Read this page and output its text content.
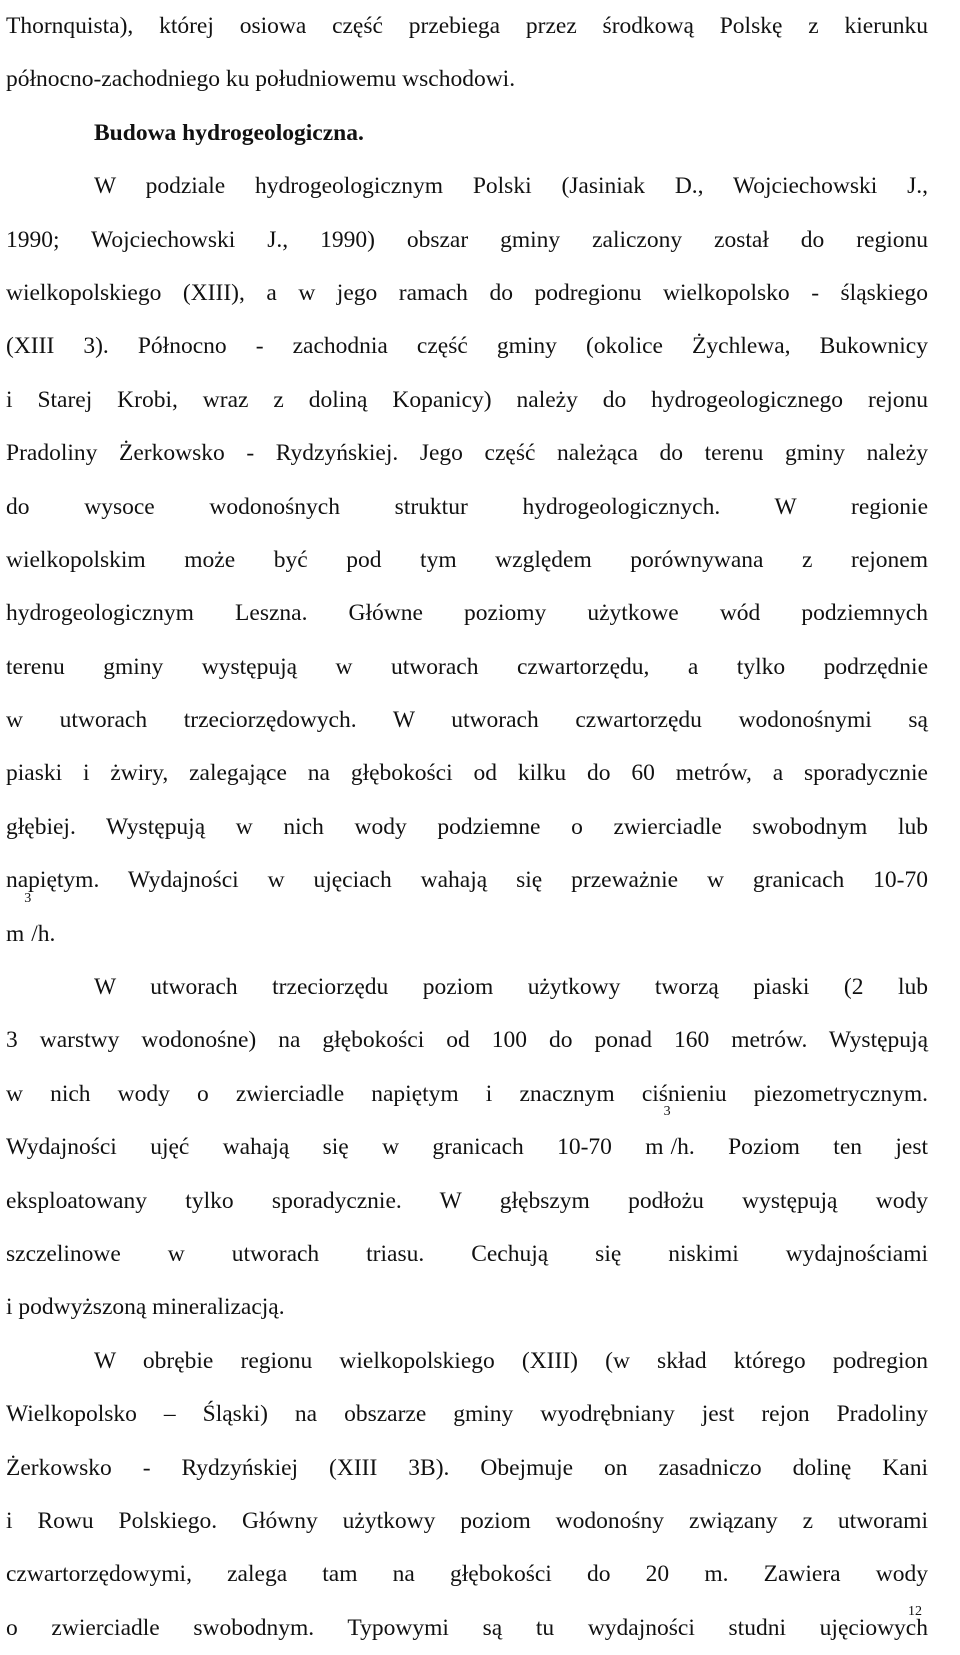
Thornquista), której osiowa część przebiega przez środkową Polskę z kierunku
północno-zachodniego ku południowemu wschodowi.
Budowa hydrogeologiczna.
W podziale hydrogeologicznym Polski (Jasiniak D., Wojciechowski J.,
1990; Wojciechowski J., 1990) obszar gminy zaliczony został do regionu
wielkopolskiego (XIII), a w jego ramach do podregionu wielkopolsko - śląskiego
(XIII 3). Północno - zachodnia część gminy (okolice Żychlewa, Bukownicy
i Starej Krobi, wraz z doliną Kopanicy) należy do hydrogeologicznego rejonu
Pradoliny Żerkowsko - Rydzyńskiej. Jego część należąca do terenu gminy należy
do wysoce wodonośnych struktur hydrogeologicznych. W regionie
wielkopolskim może być pod tym względem porównywana z rejonem
hydrogeologicznym Leszna. Główne poziomy użytkowe wód podziemnych
terenu gminy występują w utworach czwartorzędu, a tylko podrzędnie
w utworach trzeciorzędowych. W utworach czwartorzędu wodonośnymi są
piaski i żwiry, zalegające na głębokości od kilku do 60 metrów, a sporadycznie
głębiej. Występują w nich wody podziemne o zwierciadle swobodnym lub
napiętym. Wydajności w ujęciach wahają się przeważnie w granicach 10-70
$m^3/h$.
W utworach trzeciorzędu poziom użytkowy tworzą piaski (2 lub
3 warstwy wodonośne) na głębokości od 100 do ponad 160 metrów. Występują
w nich wody o zwierciadle napiętym i znacznym ciśnieniu piezometrycznym.
Wydajności ujęć wahają się w granicach 10-70 $m^3/h$. Poziom ten jest
eksploatowany tylko sporadycznie. W głębszym podłożu występują wody
szczelinowe w utworach triasu. Cechują się niskimi wydajnościami
i podwyższoną mineralizacją.
W obrębie regionu wielkopolskiego (XIII) (w skład którego podregion
Wielkopolsko – Śląski) na obszarze gminy wyodrębniany jest rejon Pradoliny
Żerkowsko - Rydzyńskiej (XIII 3B). Obejmuje on zasadniczo dolinę Kani
i Rowu Polskiego. Główny użytkowy poziom wodonośny związany z utworami
czwartorzędowymi, zalega tam na głębokości do 20 m. Zawiera wody
o zwierciadle swobodnym. Typowymi są tu wydajności studni ujęciowych
12
